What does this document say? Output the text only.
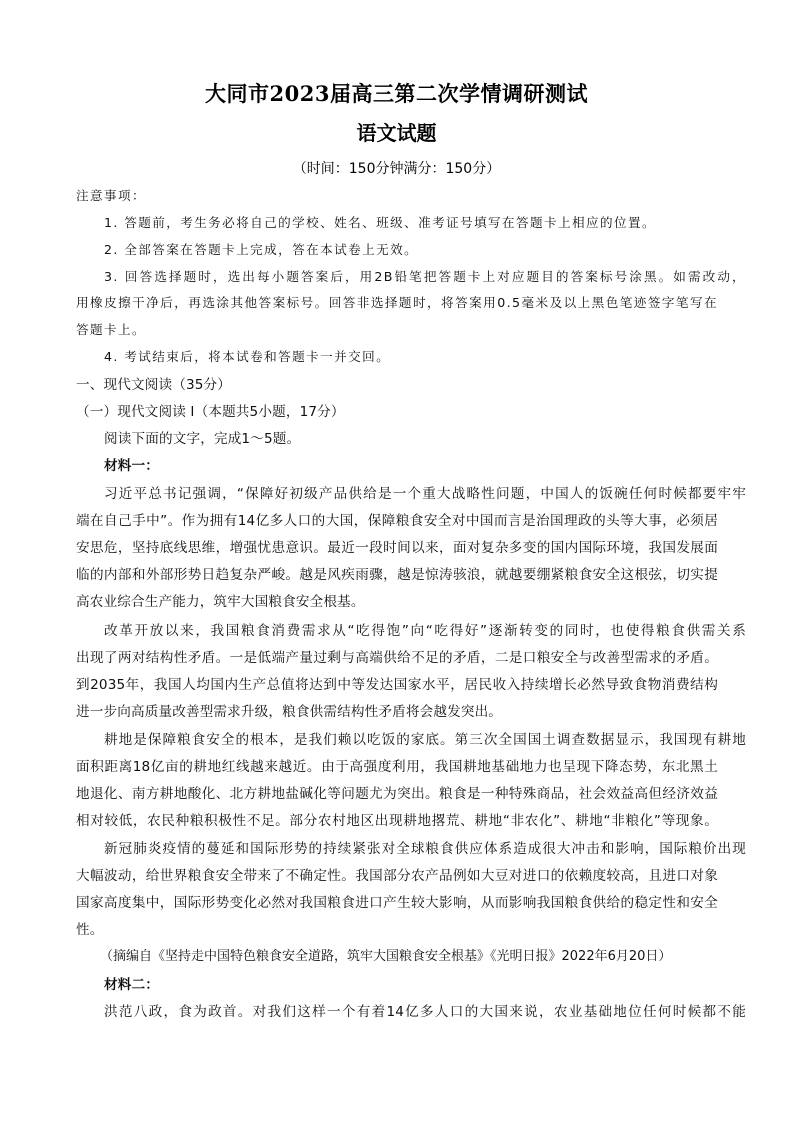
大同市2023届高三第二次学情调研测试
语文试题
（时间：150分钟满分：150分）
注意事项：
1. 答题前，考生务必将自己的学校、姓名、班级、准考证号填写在答题卡上相应的位置。
2. 全部答案在答题卡上完成，答在本试卷上无效。
3. 回答选择题时，选出每小题答案后，用2B铅笔把答题卡上对应题目的答案标号涂黑。如需改动，
用橡皮擦干净后，再选涂其他答案标号。回答非选择题时，将答案用0.5毫米及以上黑色笔迹签字笔写在
答题卡上。
4. 考试结束后，将本试卷和答题卡一并交回。
一、现代文阅读（35分）
（一）现代文阅读 I（本题共5小题，17分）
阅读下面的文字，完成1～5题。
材料一：
习近平总书记强调，“保障好初级产品供给是一个重大战略性问题，中国人的饭碗任何时候都要牢牢
端在自己手中”。作为拥有14亿多人口的大国，保障粮食安全对中国而言是治国理政的头等大事，必须居
安思危，坚持底线思维，增强忧患意识。最近一段时间以来，面对复杂多变的国内国际环境，我国发展面
临的内部和外部形势日趋复杂严峻。越是风疾雨骤，越是惊涛骇浪，就越要绷紧粮食安全这根弦，切实提
高农业综合生产能力，筑牢大国粮食安全根基。
改革开放以来，我国粮食消费需求从“吃得饱”向“吃得好”逐渐转变的同时，也使得粮食供需关系
出现了两对结构性矛盾。一是低端产量过剩与高端供给不足的矛盾，二是口粮安全与改善型需求的矛盾。
到2035年，我国人均国内生产总值将达到中等发达国家水平，居民收入持续增长必然导致食物消费结构
进一步向高质量改善型需求升级，粮食供需结构性矛盾将会越发突出。
耕地是保障粮食安全的根本，是我们赖以吃饭的家底。第三次全国国土调查数据显示，我国现有耕地
面积距离18亿亩的耕地红线越来越近。由于高强度利用，我国耕地基础地力也呈现下降态势，东北黑土
地退化、南方耕地酸化、北方耕地盐碱化等问题尤为突出。粮食是一种特殊商品，社会效益高但经济效益
相对较低，农民种粮积极性不足。部分农村地区出现耕地撂荒、耕地“非农化”、耕地“非粮化”等现象。
新冠肺炎疫情的蔓延和国际形势的持续紧张对全球粮食供应体系造成很大冲击和影响，国际粮价出现
大幅波动，给世界粮食安全带来了不确定性。我国部分农产品例如大豆对进口的依赖度较高，且进口对象
国家高度集中，国际形势变化必然对我国粮食进口产生较大影响，从而影响我国粮食供给的稳定性和安全
性。
（摘编自《坚持走中国特色粮食安全道路，筑牢大国粮食安全根基》《光明日报》2022年6月20日）
材料二：
洪范八政，食为政首。对我们这样一个有着14亿多人口的大国来说，农业基础地位任何时候都不能
